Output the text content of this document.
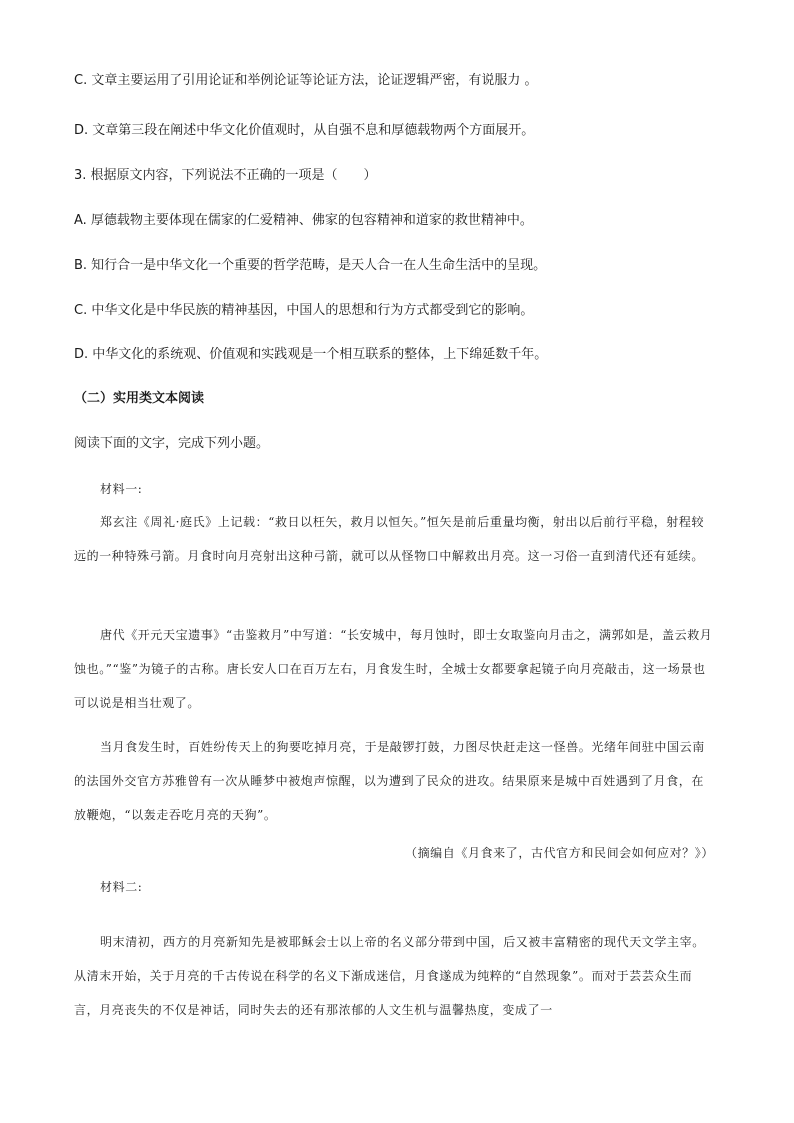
C. 文章主要运用了引用论证和举例论证等论证方法，论证逻辑严密，有说服力 。
D. 文章第三段在阐述中华文化价值观时，从自强不息和厚德载物两个方面展开。
3. 根据原文内容，下列说法不正确的一项是（　　）
A. 厚德载物主要体现在儒家的仁爱精神、佛家的包容精神和道家的救世精神中。
B. 知行合一是中华文化一个重要的哲学范畴，是天人合一在人生命生活中的呈现。
C. 中华文化是中华民族的精神基因，中国人的思想和行为方式都受到它的影响。
D. 中华文化的系统观、价值观和实践观是一个相互联系的整体，上下绵延数千年。
（二）实用类文本阅读
阅读下面的文字，完成下列小题。
材料一:
郑玄注《周礼·庭氏》上记载：“救日以枉矢，救月以恒矢。”恒矢是前后重量均衡，射出以后前行平稳，射程较远的一种特殊弓箭。月食时向月亮射出这种弓箭，就可以从怪物口中解救出月亮。这一习俗一直到清代还有延续。
唐代《开元天宝遗事》“击鉴救月”中写道：“长安城中，每月蚀时，即士女取鉴向月击之，满郭如是，盖云救月蚀也。”“鉴”为镜子的古称。唐长安人口在百万左右，月食发生时，全城士女都要拿起镜子向月亮敲击，这一场景也可以说是相当壮观了。
当月食发生时，百姓纷传天上的狗要吃掉月亮，于是敲锣打鼓，力图尽快赶走这一怪兽。光绪年间驻中国云南的法国外交官方苏雅曾有一次从睡梦中被炮声惊醒，以为遭到了民众的进攻。结果原来是城中百姓遇到了月食，在放鞭炮，“以轰走吞吃月亮的天狗”。
（摘编自《月食来了，古代官方和民间会如何应对？》）
材料二:
明末清初，西方的月亮新知先是被耶稣会士以上帝的名义部分带到中国，后又被丰富精密的现代天文学主宰。从清末开始，关于月亮的千古传说在科学的名义下渐成迷信，月食遂成为纯粹的“自然现象”。而对于芸芸众生而言，月亮丧失的不仅是神话，同时失去的还有那浓郁的人文生机与温馨热度，变成了一
